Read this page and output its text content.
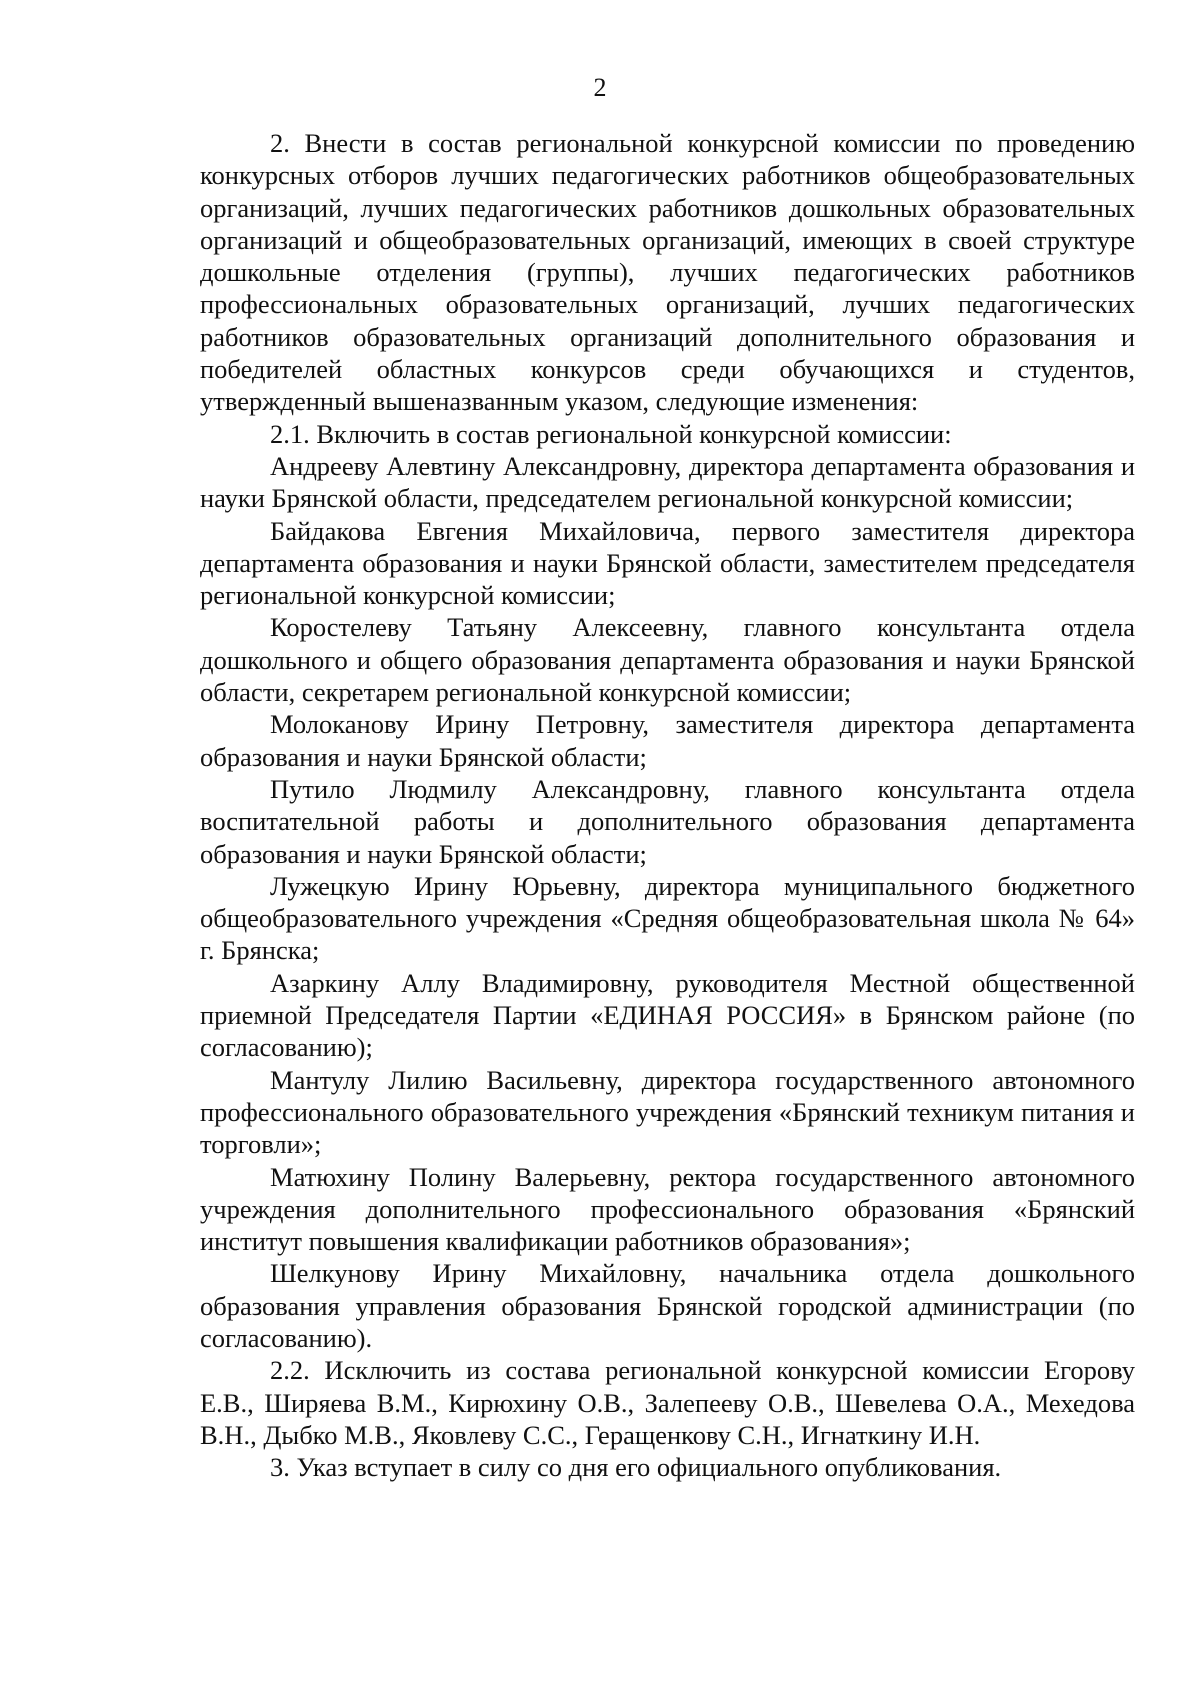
2

2. Внести в состав региональной конкурсной комиссии по проведению конкурсных отборов лучших педагогических работников общеобразовательных организаций, лучших педагогических работников дошкольных образовательных организаций и общеобразовательных организаций, имеющих в своей структуре дошкольные отделения (группы), лучших педагогических работников профессиональных образовательных организаций, лучших педагогических работников образовательных организаций дополнительного образования и победителей областных конкурсов среди обучающихся и студентов, утвержденный вышеназванным указом, следующие изменения:

2.1. Включить в состав региональной конкурсной комиссии:

Андрееву Алевтину Александровну, директора департамента образования и науки Брянской области, председателем региональной конкурсной комиссии;

Байдакова Евгения Михайловича, первого заместителя директора департамента образования и науки Брянской области, заместителем председателя региональной конкурсной комиссии;

Коростелеву Татьяну Алексеевну, главного консультанта отдела дошкольного и общего образования департамента образования и науки Брянской области, секретарем региональной конкурсной комиссии;

Молоканову Ирину Петровну, заместителя директора департамента образования и науки Брянской области;

Путило Людмилу Александровну, главного консультанта отдела воспитательной работы и дополнительного образования департамента образования и науки Брянской области;

Лужецкую Ирину Юрьевну, директора муниципального бюджетного общеобразовательного учреждения «Средняя общеобразовательная школа № 64» г. Брянска;

Азаркину Аллу Владимировну, руководителя Местной общественной приемной Председателя Партии «ЕДИНАЯ РОССИЯ» в Брянском районе (по согласованию);

Мантулу Лилию Васильевну, директора государственного автономного профессионального образовательного учреждения «Брянский техникум питания и торговли»;

Матюхину Полину Валерьевну, ректора государственного автономного учреждения дополнительного профессионального образования «Брянский институт повышения квалификации работников образования»;

Шелкунову Ирину Михайловну, начальника отдела дошкольного образования управления образования Брянской городской администрации (по согласованию).

2.2. Исключить из состава региональной конкурсной комиссии Егорову Е.В., Ширяева В.М., Кирюхину О.В., Залепееву О.В., Шевелева О.А., Мехедова В.Н., Дыбко М.В., Яковлеву С.С., Геращенкову С.Н., Игнаткину И.Н.

3. Указ вступает в силу со дня его официального опубликования.
